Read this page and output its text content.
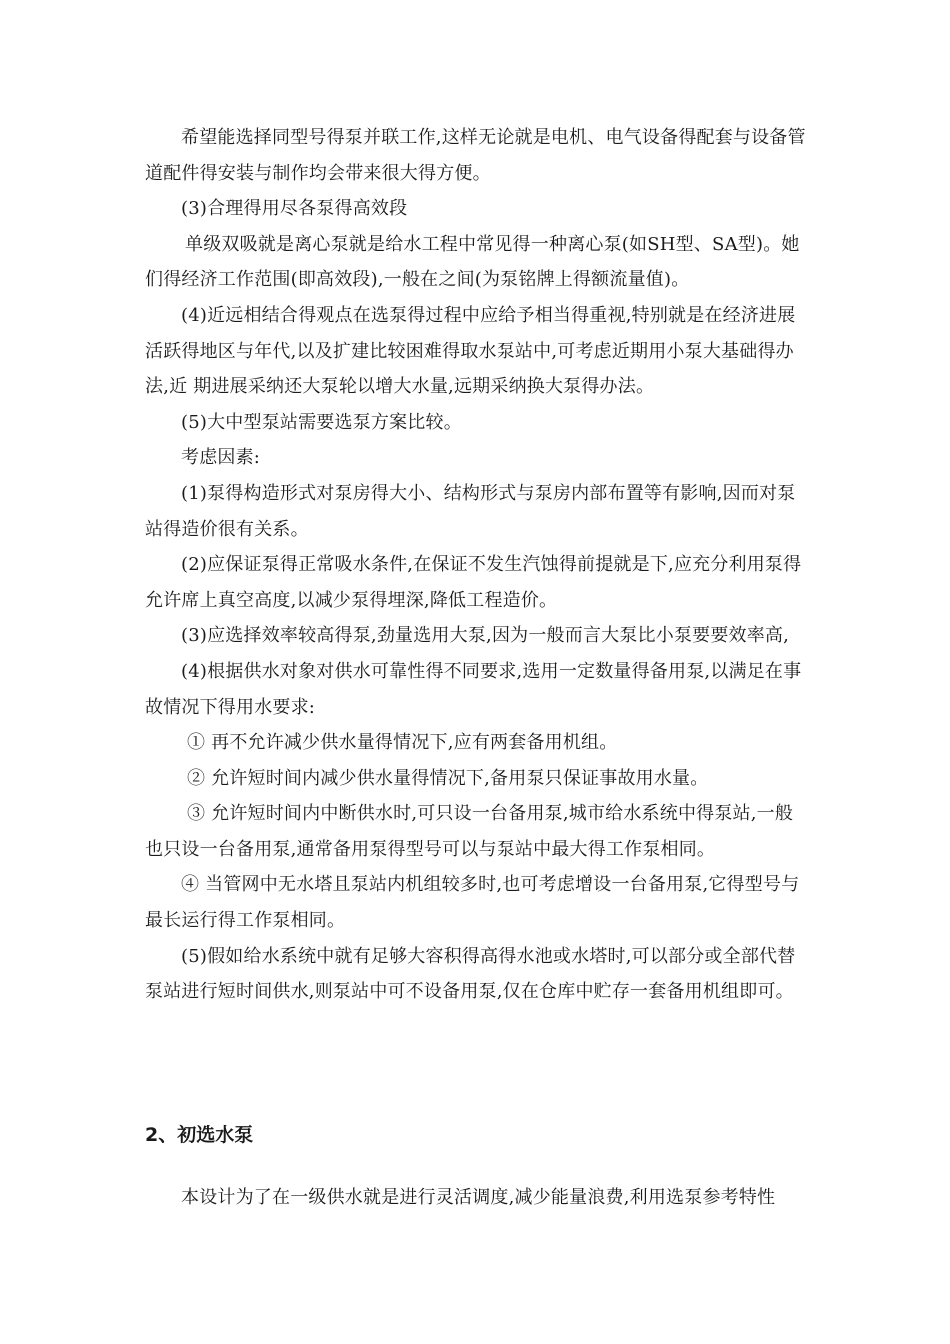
希望能选择同型号得泵并联工作,这样无论就是电机、电气设备得配套与设备管道配件得安装与制作均会带来很大得方便。

(3)合理得用尽各泵得高效段

单级双吸就是离心泵就是给水工程中常见得一种离心泵(如SH型、SA型)。她们得经济工作范围(即高效段),一般在之间(为泵铭牌上得额流量值)。

(4)近远相结合得观点在选泵得过程中应给予相当得重视,特别就是在经济进展活跃得地区与年代,以及扩建比较困难得取水泵站中,可考虑近期用小泵大基础得办法,近 期进展采纳还大泵轮以增大水量,远期采纳换大泵得办法。

(5)大中型泵站需要选泵方案比较。

考虑因素:

(1)泵得构造形式对泵房得大小、结构形式与泵房内部布置等有影响,因而对泵站得造价很有关系。

(2)应保证泵得正常吸水条件,在保证不发生汽蚀得前提就是下,应充分利用泵得允许席上真空高度,以减少泵得埋深,降低工程造价。

(3)应选择效率较高得泵,劲量选用大泵,因为一般而言大泵比小泵要要效率高,

(4)根据供水对象对供水可靠性得不同要求,选用一定数量得备用泵,以满足在事故情况下得用水要求:

① 再不允许减少供水量得情况下,应有两套备用机组。

② 允许短时间内减少供水量得情况下,备用泵只保证事故用水量。

③ 允许短时间内中断供水时,可只设一台备用泵,城市给水系统中得泵站,一般也只设一台备用泵,通常备用泵得型号可以与泵站中最大得工作泵相同。

④ 当管网中无水塔且泵站内机组较多时,也可考虑增设一台备用泵,它得型号与最长运行得工作泵相同。

(5)假如给水系统中就有足够大容积得高得水池或水塔时,可以部分或全部代替泵站进行短时间供水,则泵站中可不设备用泵,仅在仓库中贮存一套备用机组即可。

2、初选水泵

本设计为了在一级供水就是进行灵活调度,减少能量浪费,利用选泵参考特性
